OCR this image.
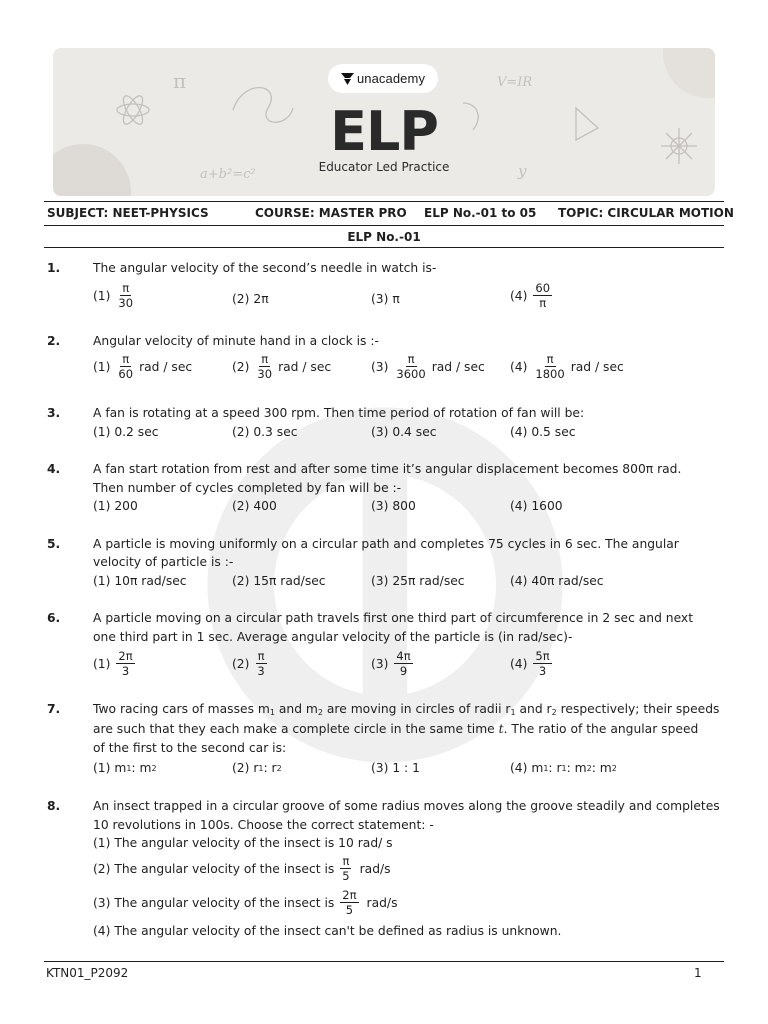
π	V=IR
a+b²=c²	y
unacademy
ELP
Educator Led Practice
SUBJECT: NEET-PHYSICS	COURSE: MASTER PRO ELP No.-01 to 05 TOPIC: CIRCULAR MOTION
ELP No.-01
1.	The angular velocity of the second’s needle in watch is-
$(1) \frac{\pi}{30}$	(2) 2π	(3) π	$(4) \frac{60}{\pi}$
2.	Angular velocity of minute hand in a clock is :-
$(1) \frac{\pi}{60}$ rad / sec	$(2) \frac{\pi}{30}$ rad / sec	$(3) \frac{\pi}{3600}$ rad / $\sec (4) \frac{\pi}{1800}$ rad / sec
3.	A fan is rotating at a speed 300 rpm. Then time period of rotation of fan will be:
(1) 0.2 sec	(2) 0.3 sec	(3) 0.4 sec	(4) 0.5 sec
4.	A fan start rotation from rest and after some time it’s angular displacement becomes 800π rad.
Then number of cycles completed by fan will be :-
(1) 200	(2) 400	(3) 800	(4) 1600
5.	A particle is moving uniformly on a circular path and completes 75 cycles in 6 sec. The angular
velocity of particle is :-
(1) 10π rad/sec	(2) 15π rad/sec	(3) 25π rad/sec	(4) 40π rad/sec
6.	A particle moving on a circular path travels first one third part of circumference in 2 sec and next
one third part in 1 sec. Average angular velocity of the particle is (in rad/sec)-
$(1) \frac{2\pi}{3}$	$(2) \frac{\pi}{3}$	$(3) \frac{4\pi}{9}$	$(4) \frac{5\pi}{3}$
7.	Two racing cars of masses $m_1$ and $m_2$ are moving in circles of radii $r_1$ and $r_2$ respectively; their speeds
are such that they each make a complete circle in the same time t. The ratio of the angular speed
of the first to the second car is:
(1) m 1 : m 2	(2) r 1 : r 2	(3) 1 : 1	(4) m 1 : r 1 : m 2 : m 2
8.	An insect trapped in a circular groove of some radius moves along the groove steadily and completes
10 revolutions in 100s. Choose the correct statement: -
(1) The angular velocity of the insect is 10 rad/ s
(2) The angular velocity of the insect is $\frac{\pi}{5} rad/s$
(3) The angular velocity of the insect is $\frac{2\pi}{5} rad/s$
(4) The angular velocity of the insect can't be defined as radius is unknown.
KTN01_P2092	1
